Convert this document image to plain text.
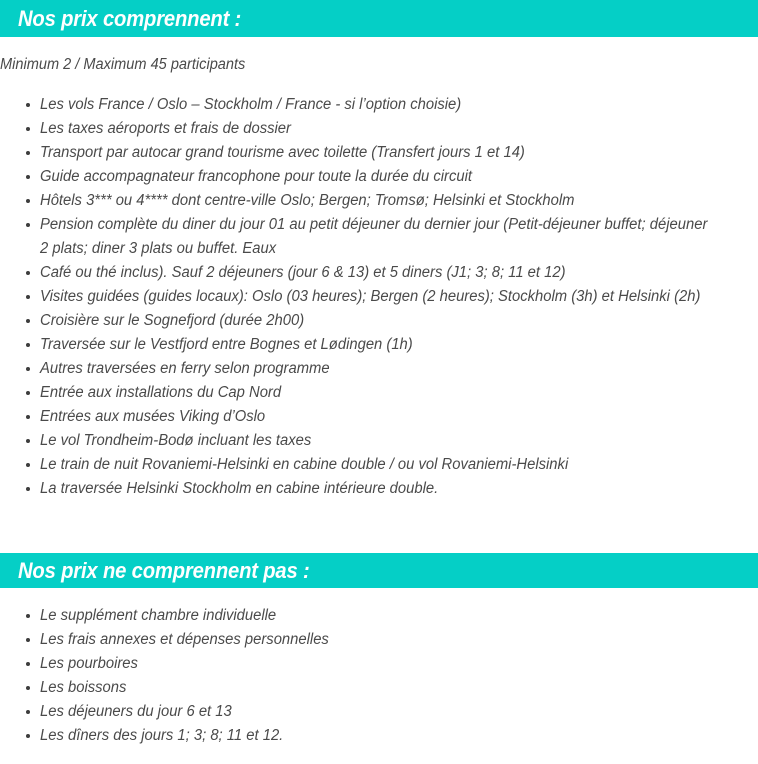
Nos prix comprennent :
Minimum 2 / Maximum 45 participants
Les vols France / Oslo – Stockholm / France - si l’option choisie)
Les taxes aéroports et frais de dossier
Transport par autocar grand tourisme avec toilette (Transfert jours 1 et 14)
Guide accompagnateur francophone pour toute la durée du circuit
Hôtels 3*** ou 4**** dont centre-ville Oslo; Bergen; Tromsø; Helsinki et Stockholm
Pension complète du diner du jour 01 au petit déjeuner du dernier jour (Petit-déjeuner buffet; déjeuner 2 plats; diner 3 plats ou buffet. Eaux
Café ou thé inclus). Sauf 2 déjeuners (jour 6 & 13) et 5 diners (J1; 3; 8; 11 et 12)
Visites guidées (guides locaux): Oslo (03 heures); Bergen (2 heures); Stockholm (3h) et Helsinki (2h)
Croisière sur le Sognefjord (durée 2h00)
Traversée sur le Vestfjord entre Bognes et Lødingen (1h)
Autres traversées en ferry selon programme
Entrée aux installations du Cap Nord
Entrées aux musées Viking d’Oslo
Le vol Trondheim-Bodø incluant les taxes
Le train de nuit Rovaniemi-Helsinki en cabine double / ou vol Rovaniemi-Helsinki
La traversée Helsinki Stockholm en cabine intérieure double.
Nos prix ne comprennent pas :
Le supplément chambre individuelle
Les frais annexes et dépenses personnelles
Les pourboires
Les boissons
Les déjeuners du jour 6 et 13
Les dîners des jours 1; 3; 8; 11 et 12.
